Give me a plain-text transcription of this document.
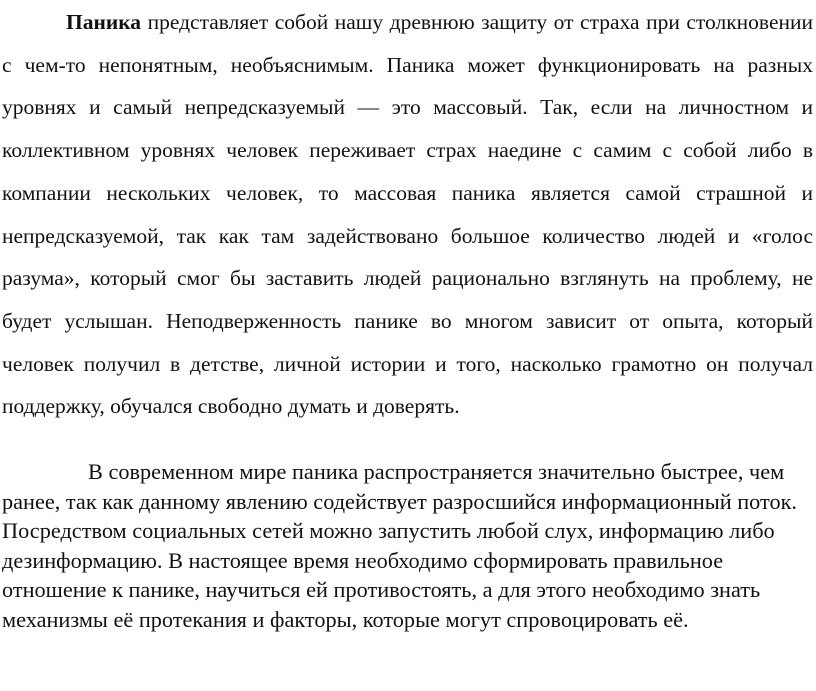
Паника представляет собой нашу древнюю защиту от страха при столкновении с чем-то непонятным, необъяснимым. Паника может функционировать на разных уровнях и самый непредсказуемый — это массовый. Так, если на личностном и коллективном уровнях человек переживает страх наедине с самим с собой либо в компании нескольких человек, то массовая паника является самой страшной и непредсказуемой, так как там задействовано большое количество людей и «голос разума», который смог бы заставить людей рационально взглянуть на проблему, не будет услышан. Неподверженность панике во многом зависит от опыта, который человек получил в детстве, личной истории и того, насколько грамотно он получал поддержку, обучался свободно думать и доверять.

В современном мире паника распространяется значительно быстрее, чем ранее, так как данному явлению содействует разросшийся информационный поток. Посредством социальных сетей можно запустить любой слух, информацию либо дезинформацию. В настоящее время необходимо сформировать правильное отношение к панике, научиться ей противостоять, а для этого необходимо знать механизмы её протекания и факторы, которые могут спровоцировать её.
